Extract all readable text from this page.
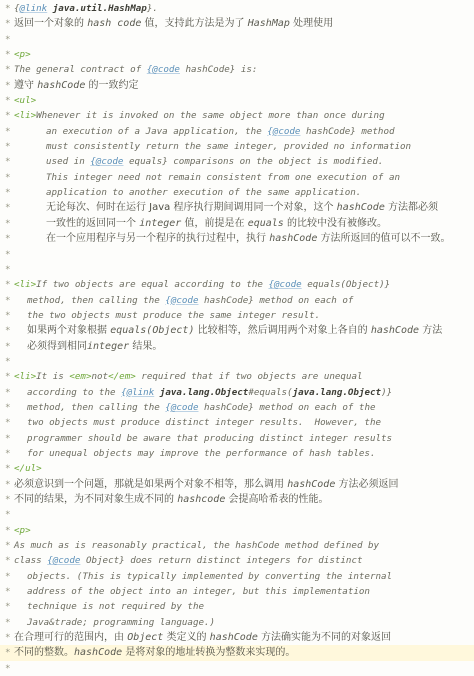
* {@link java.util.HashMap}.
* 返回一个对象的 hash code 值，支持此方法是为了 HashMap 处理使用
*
* <p>
* The general contract of {@code hashCode} is:
* 遵守 hashCode 的一致约定
* <ul>
* <li>Whenever it is invoked on the same object more than once during
*	an execution of a Java application, the {@code hashCode} method
*	must consistently return the same integer, provided no information
*	used in {@code equals} comparisons on the object is modified.
*	This integer need not remain consistent from one execution of an
*	application to another execution of the same application.
*	无论每次、何时在运行 Java 程序执行期间调用同一个对象，这个 hashCode 方法都必须
*	一致性的返回同一个 integer 值，前提是在 equals 的比较中没有被修改。
*	在一个应用程序与另一个程序的执行过程中，执行 hashCode 方法所返回的值可以不一致。
*
*
* <li>If two objects are equal according to the {@code equals(Object)}
*	method, then calling the {@code hashCode} method on each of
*	the two objects must produce the same integer result.
*	如果两个对象根据 equals(Object) 比较相等，然后调用两个对象上各自的 hashCode 方法
*	必须得到相同integer 结果。
*
* <li>It is <em>not</em> required that if two objects are unequal
*	according to the {@link java.lang.Object#equals(java.lang.Object)}
*	method, then calling the {@code hashCode} method on each of the
*	two objects must produce distinct integer results.  However, the
*	programmer should be aware that producing distinct integer results
*	for unequal objects may improve the performance of hash tables.
* </ul>
* 必须意识到一个问题，那就是如果两个对象不相等，那么调用 hashCode 方法必须返回
* 不同的结果，为不同对象生成不同的 hashcode 会提高哈希表的性能。
*
* <p>
* As much as is reasonably practical, the hashCode method defined by
* class {@code Object} does return distinct integers for distinct
*	objects. (This is typically implemented by converting the internal
*	address of the object into an integer, but this implementation
*	technique is not required by the
*	Java&trade; programming language.)
* 在合理可行的范围内，由 Object 类定义的 hashCode 方法确实能为不同的对象返回
* 不同的整数。hashCode 是将对象的地址转换为整数来实现的。
*
